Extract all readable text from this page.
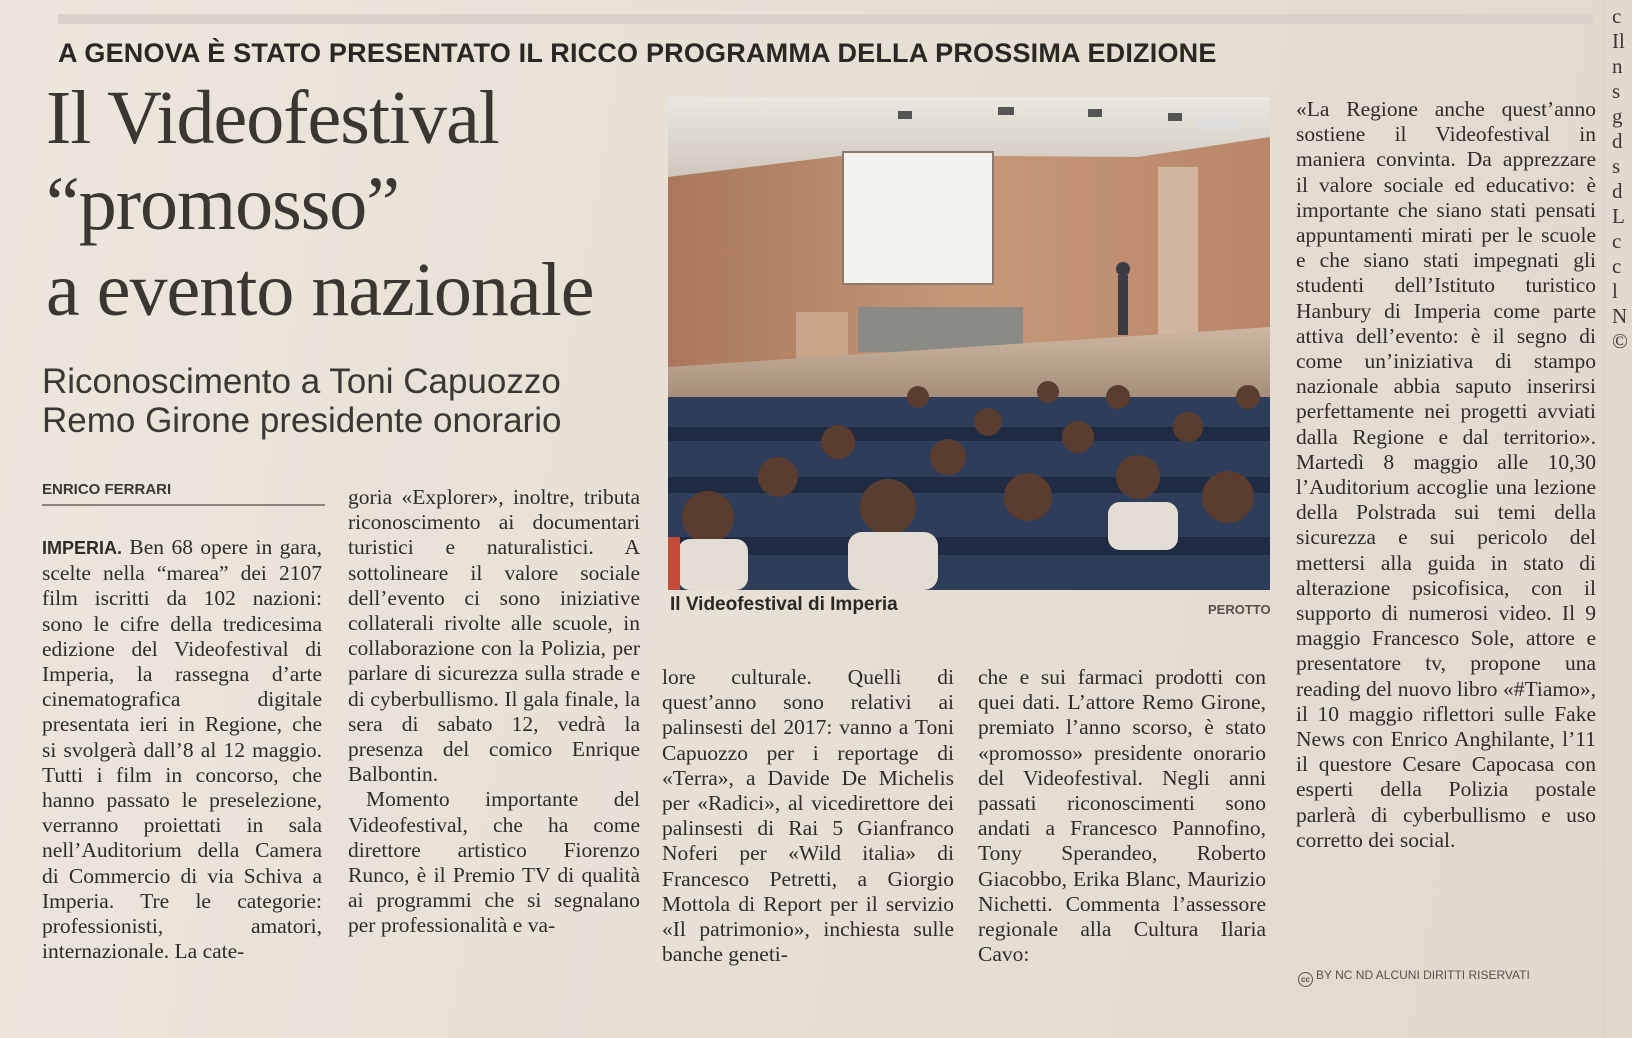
A GENOVA È STATO PRESENTATO IL RICCO PROGRAMMA DELLA PROSSIMA EDIZIONE
Il Videofestival
“promosso”
a evento nazionale
Riconoscimento a Toni Capuozzo
Remo Girone presidente onorario
ENRICO FERRARI

IMPERIA. Ben 68 opere in gara, scelte nella “marea” dei 2107 film iscritti da 102 nazioni: sono le cifre della tredicesima edizione del Videofestival di Imperia, la rassegna d’arte cinematografica digitale presentata ieri in Regione, che si svolgerà dall’8 al 12 maggio. Tutti i film in concorso, che hanno passato le preselezione, verranno proiettati in sala nell’Auditorium della Camera di Commercio di via Schiva a Imperia. Tre le categorie: professionisti, amatori, internazionale. La cate-

goria «Explorer», inoltre, tributa riconoscimento ai documentari turistici e naturalistici. A sottolineare il valore sociale dell’evento ci sono iniziative collaterali rivolte alle scuole, in collaborazione con la Polizia, per parlare di sicurezza sulla strade e di cyberbullismo. Il gala finale, la sera di sabato 12, vedrà la presenza del comico Enrique Balbontin.

Momento importante del Videofestival, che ha come direttore artistico Fiorenzo Runco, è il Premio TV di qualità ai programmi che si segnalano per professionalità e va-

Il Videofestival di Imperia	PEROTTO

lore culturale. Quelli di quest’anno sono relativi ai palinsesti del 2017: vanno a Toni Capuozzo per i reportage di «Terra», a Davide De Michelis per «Radici», al vicedirettore dei palinsesti di Rai 5 Gianfranco Noferi per «Wild italia» di Francesco Petretti, a Giorgio Mottola di Report per il servizio «Il patrimonio», inchiesta sulle banche geneti-

che e sui farmaci prodotti con quei dati. L’attore Remo Girone, premiato l’anno scorso, è stato «promosso» presidente onorario del Videofestival. Negli anni passati riconoscimenti sono andati a Francesco Pannofino, Tony Sperandeo, Roberto Giacobbo, Erika Blanc, Maurizio Nichetti. Commenta l’assessore regionale alla Cultura Ilaria Cavo:

«La Regione anche quest’anno sostiene il Videofestival in maniera convinta. Da apprezzare il valore sociale ed educativo: è importante che siano stati pensati appuntamenti mirati per le scuole e che siano stati impegnati gli studenti dell’Istituto turistico Hanbury di Imperia come parte attiva dell’evento: è il segno di come un’iniziativa di stampo nazionale abbia saputo inserirsi perfettamente nei progetti avviati dalla Regione e dal territorio». Martedì 8 maggio alle 10,30 l’Auditorium accoglie una lezione della Polstrada sui temi della sicurezza e sui pericolo del mettersi alla guida in stato di alterazione psicofisica, con il supporto di numerosi video. Il 9 maggio Francesco Sole, attore e presentatore tv, propone una reading del nuovo libro «#Tiamo», il 10 maggio riflettori sulle Fake News con Enrico Anghilante, l’11 il questore Cesare Capocasa con esperti della Polizia postale parlerà di cyberbullismo e uso corretto dei social.

cc BY NC ND ALCUNI DIRITTI RISERVATI
c
Il
n
s
g
d
s
d
L
c
c
l
N
©
